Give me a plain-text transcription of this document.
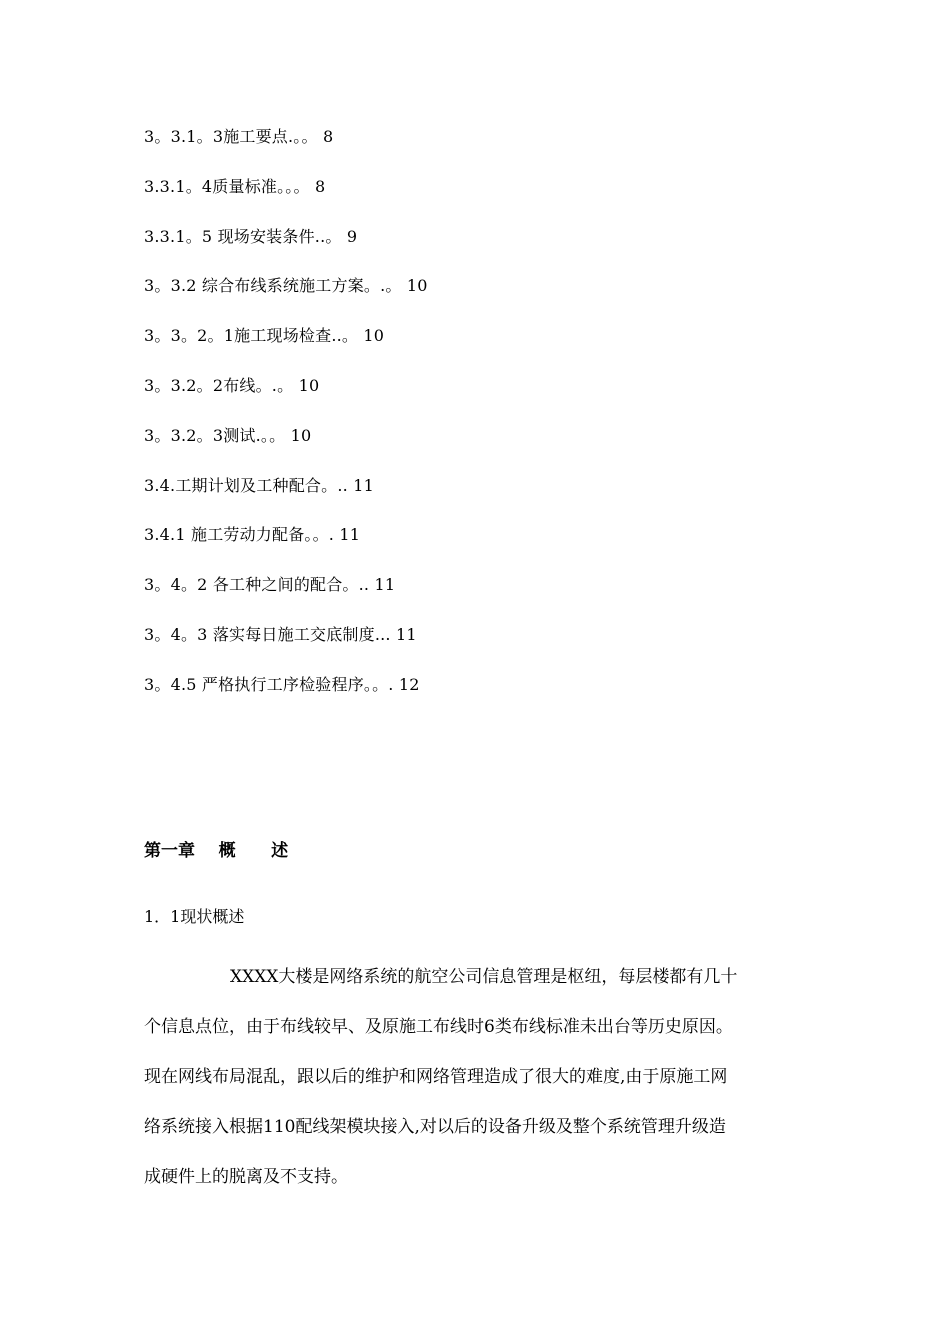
3。3.1。3施工要点.。。 8
3.3.1。4质量标准。。。 8
3.3.1。5 现场安装条件..。 9
3。3.2 综合布线系统施工方案。.。 10
3。3。2。1施工现场检查..。 10
3。3.2。2布线。.。 10
3。3.2。3测试.。。 10
3.4.工期计划及工种配合。.. 11
3.4.1 施工劳动力配备。。. 11
3。4。2 各工种之间的配合。.. 11
3。4。3 落实每日施工交底制度... 11
3。4.5 严格执行工序检验程序。。. 12
第一章    概      述
1．1现状概述

XXXX大楼是网络系统的航空公司信息管理是枢纽，每层楼都有几十
个信息点位，由于布线较早、及原施工布线时6类布线标准未出台等历史原因。
现在网线布局混乱，跟以后的维护和网络管理造成了很大的难度,由于原施工网
络系统接入根据110配线架模块接入,对以后的设备升级及整个系统管理升级造
成硬件上的脱离及不支持。
